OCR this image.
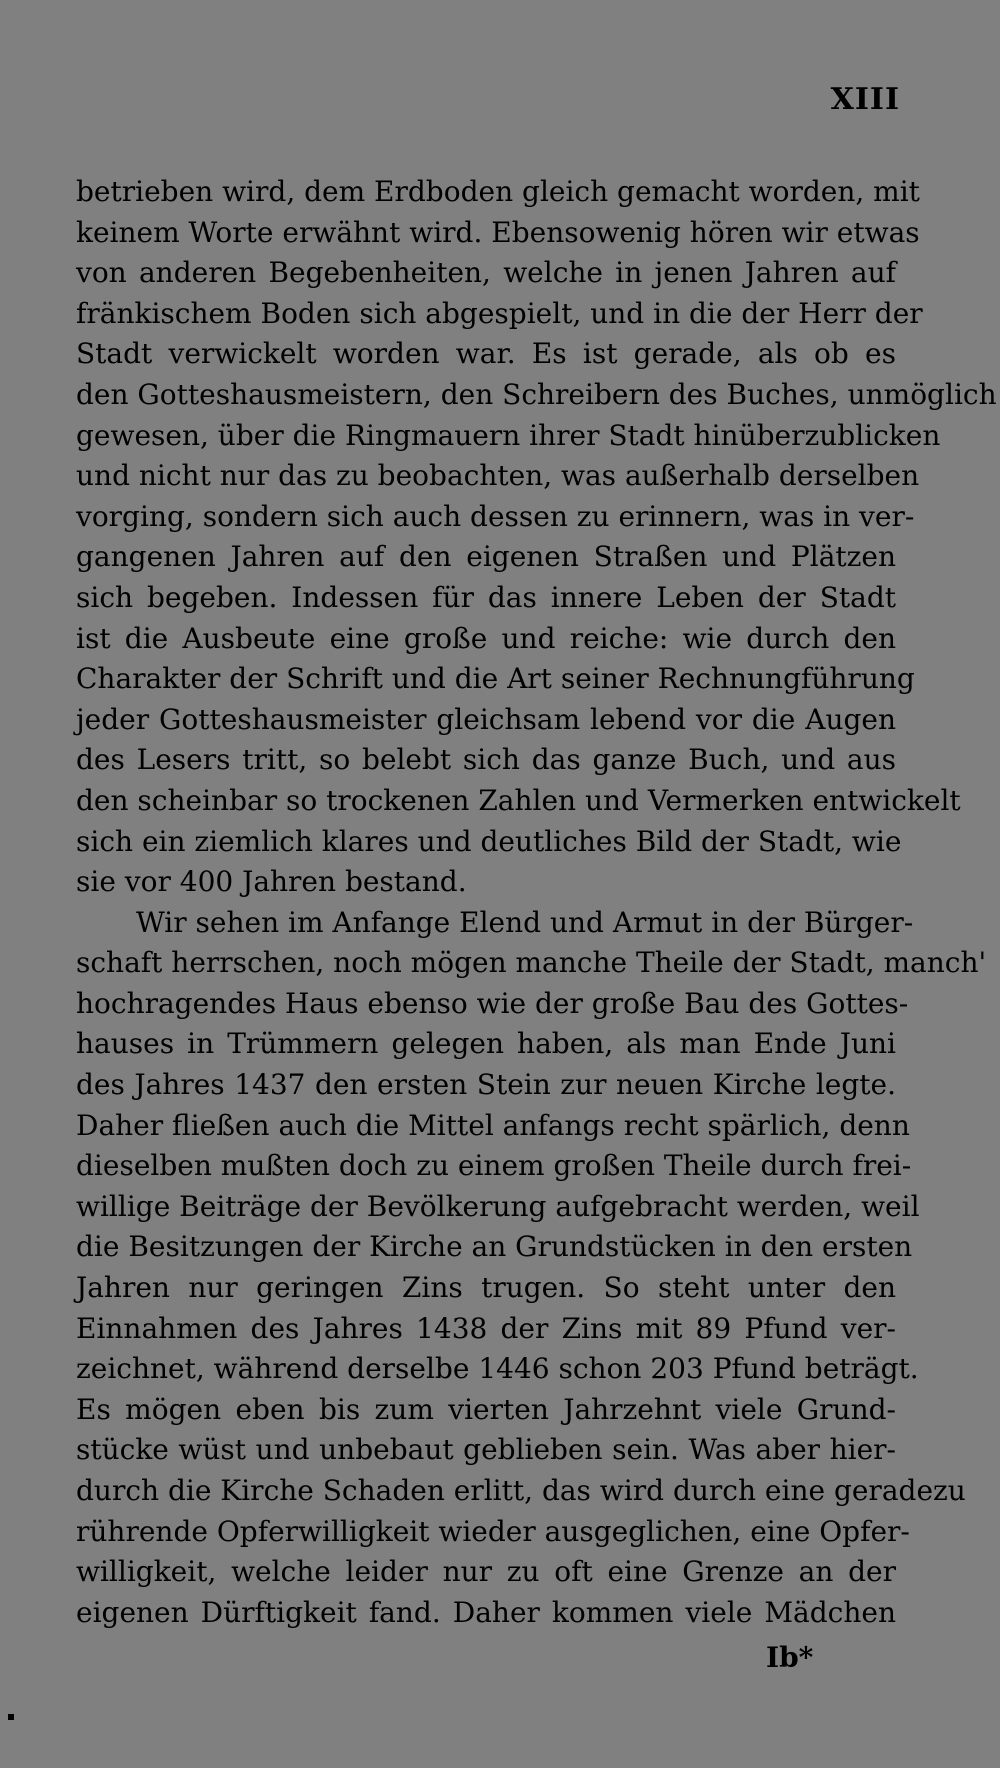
XIII
betrieben wird, dem Erdboden gleich gemacht worden, mit
keinem Worte erwähnt wird. Ebensowenig hören wir etwas
von anderen Begebenheiten, welche in jenen Jahren auf
fränkischem Boden sich abgespielt, und in die der Herr der
Stadt verwickelt worden war. Es ist gerade, als ob es
den Gotteshausmeistern, den Schreibern des Buches, unmöglich
gewesen, über die Ringmauern ihrer Stadt hinüberzublicken
und nicht nur das zu beobachten, was außerhalb derselben
vorging, sondern sich auch dessen zu erinnern, was in ver-
gangenen Jahren auf den eigenen Straßen und Plätzen
sich begeben. Indessen für das innere Leben der Stadt
ist die Ausbeute eine große und reiche: wie durch den
Charakter der Schrift und die Art seiner Rechnungführung
jeder Gotteshausmeister gleichsam lebend vor die Augen
des Lesers tritt, so belebt sich das ganze Buch, und aus
den scheinbar so trockenen Zahlen und Vermerken entwickelt
sich ein ziemlich klares und deutliches Bild der Stadt, wie
sie vor 400 Jahren bestand.
Wir sehen im Anfange Elend und Armut in der Bürger-
schaft herrschen, noch mögen manche Theile der Stadt, manch'
hochragendes Haus ebenso wie der große Bau des Gottes-
hauses in Trümmern gelegen haben, als man Ende Juni
des Jahres 1437 den ersten Stein zur neuen Kirche legte.
Daher fließen auch die Mittel anfangs recht spärlich, denn
dieselben mußten doch zu einem großen Theile durch frei-
willige Beiträge der Bevölkerung aufgebracht werden, weil
die Besitzungen der Kirche an Grundstücken in den ersten
Jahren nur geringen Zins trugen. So steht unter den
Einnahmen des Jahres 1438 der Zins mit 89 Pfund ver-
zeichnet, während derselbe 1446 schon 203 Pfund beträgt.
Es mögen eben bis zum vierten Jahrzehnt viele Grund-
stücke wüst und unbebaut geblieben sein. Was aber hier-
durch die Kirche Schaden erlitt, das wird durch eine geradezu
rührende Opferwilligkeit wieder ausgeglichen, eine Opfer-
willigkeit, welche leider nur zu oft eine Grenze an der
eigenen Dürftigkeit fand. Daher kommen viele Mädchen
Ib*
